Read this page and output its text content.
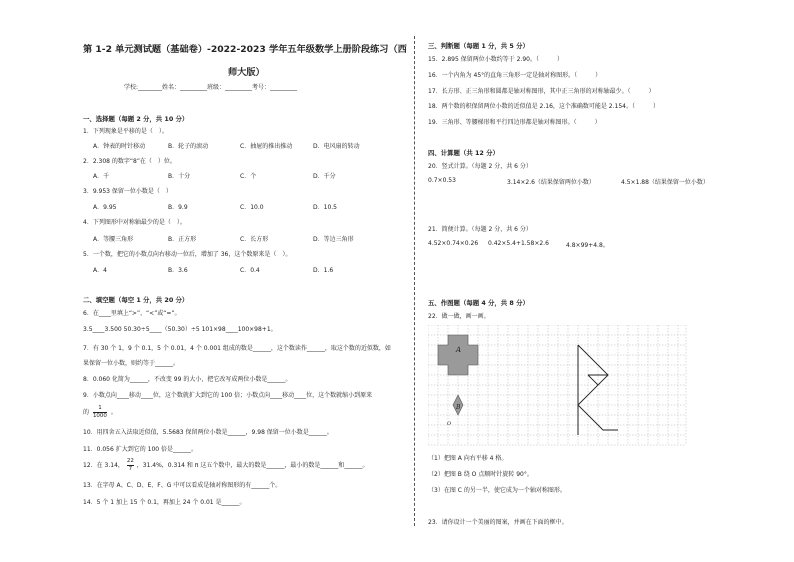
第 1-2 单元测试题（基础卷）-2022-2023 学年五年级数学上册阶段练习（西
师大版）
学校:________姓名：_________班级：_________考号：_________
一、选择题（每题 2 分，共 10 分）
1．下列现象是平移的是（　）。
A．钟表的时针移动	B．轮子的滚动	C．抽屉的推出推动	D．电风扇的转动
2．2.308 的数字“8”在（　）位。
A．千	B．十分	C．个	D．千分
3．9.953 保留一位小数是（　）
A．9.95	B．9.9	C．10.0	D．10.5
4．下列图形中对称轴最少的是（　）。
A．等腰三角形	B．正方形	C．长方形	D．等边三角形
5．一个数，把它的小数点向右移动一位后，增加了 36，这个数原来是（　）。
A．4	B．3.6	C．0.4	D．1.6
二、填空题（每空 1 分，共 20 分）
6．在____里填上“>”、“<”或“=”。
3.5____3.500 50.30÷5____（50.30）÷5 101×98____100×98+1。
7．有 30 个 1，9 个 0.1，5 个 0.01，4 个 0.001 组成的数是______，这个数读作______，取这个数的近似数，如
果保留一位小数，则约等于______。
8．0.060 化简为______，不改变 99 的大小，把它改写成两位小数是______。
9．小数点向____移动____位，这个数就扩大到它的 100 倍；小数点向____移动____位，这个数就缩小到原来
的 $\frac{1}{1000}$ 。
10．用四舍五入法取近似值，5.5683 保留两位小数是______，9.98 保留一位小数是______。
11．0.056 扩大到它的 100 倍是______。
12．在 3.14， $\frac{22}{7}$ ，31.4%，0.314 和 π 这五个数中，最大的数是______，最小的数是______和______。
13．在字母 A、C、D、E、F、G 中可以看成是轴对称图形的有______个。
14．5 个 1 加上 15 个 0.1，再加上 24 个 0.01 是______。
三、判断题（每题 1 分，共 5 分）
15．2.895 保留两位小数约等于 2.90。（　　　）
16．一个内角为 45°的直角三角形一定是轴对称图形。（　　　）
17．长方形、正三角形和圆都是轴对称图形，其中正三角形的对称轴最少。（　　　）
18．两个数的积保留两位小数的近似值是 2.16，这个准确数可能是 2.154。（　　　）
19．三角形、等腰梯形和平行四边形都是轴对称图形。（　　　）
四、计算题（共 12 分）
20．竖式计算。（每题 2 分，共 6 分）
0.7×0.53	3.14×2.6（结果保留两位小数）	4.5×1.88（结果保留一位小数）
21．简便计算。（每题 2 分，共 6 分）
4.52×0.74×0.26 0.42×5.4+1.58×2.6	4.8×99+4.8。
五、作图题（每题 4 分，共 8 分）
22．做一做，画一画。
A
B
O
（1）把图 A 向右平移 4 格。
（2）把图 B 绕 O 点顺时针旋转 90°。
（3）在图 C 的另一半，使它成为一个轴对称图形。
23．请你设计一个美丽的图案，并画在下面的框中。
